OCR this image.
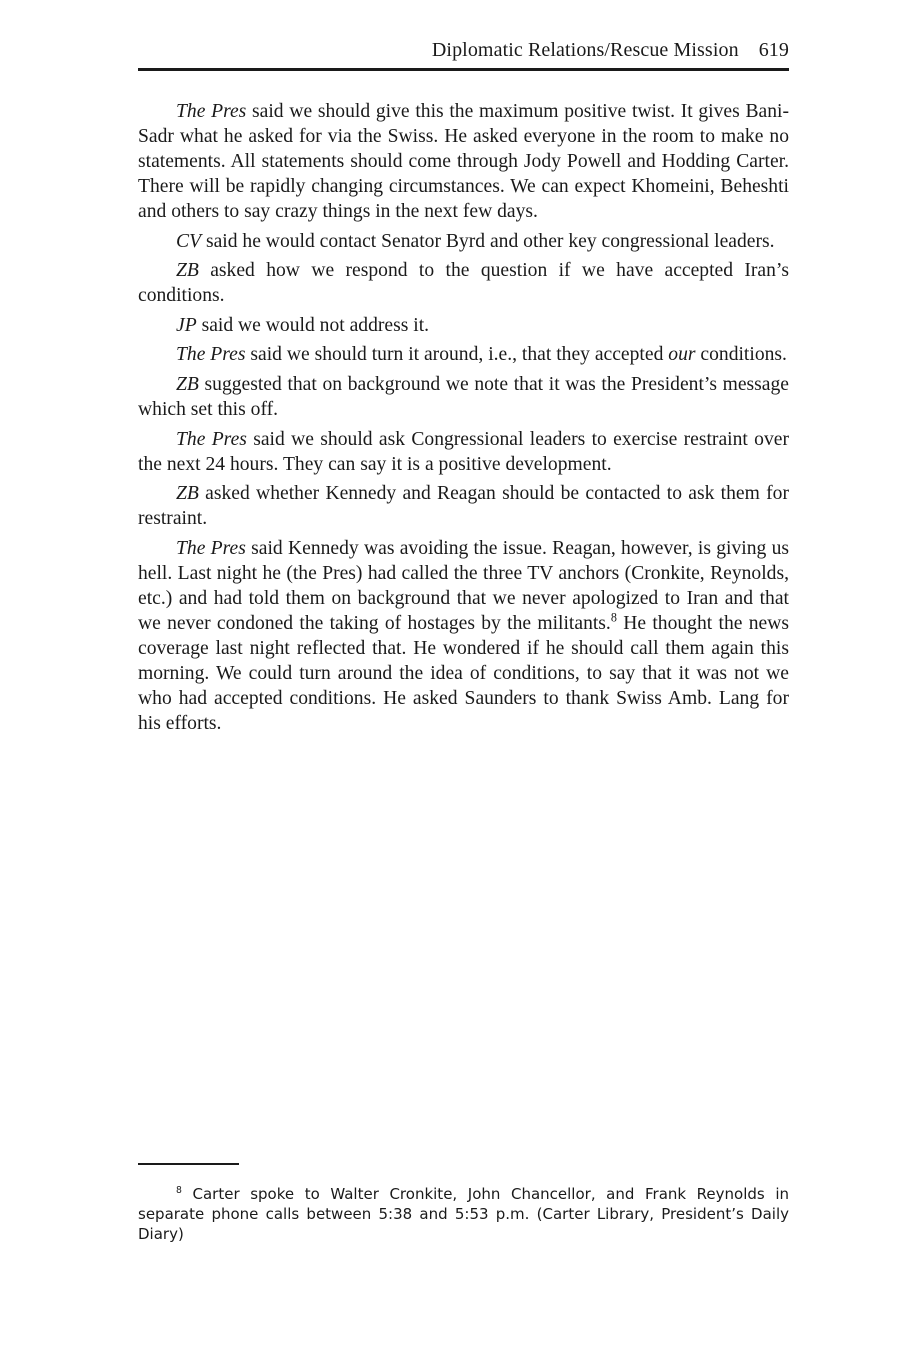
Diplomatic Relations/Rescue Mission 619

The Pres said we should give this the maximum positive twist. It gives Bani-Sadr what he asked for via the Swiss. He asked everyone in the room to make no statements. All statements should come through Jody Powell and Hodding Carter. There will be rapidly changing circumstances. We can expect Khomeini, Beheshti and others to say crazy things in the next few days.

CV said he would contact Senator Byrd and other key congressional leaders.

ZB asked how we respond to the question if we have accepted Iran’s conditions.

JP said we would not address it.

The Pres said we should turn it around, i.e., that they accepted our conditions.

ZB suggested that on background we note that it was the President’s message which set this off.

The Pres said we should ask Congressional leaders to exercise restraint over the next 24 hours. They can say it is a positive development.

ZB asked whether Kennedy and Reagan should be contacted to ask them for restraint.

The Pres said Kennedy was avoiding the issue. Reagan, however, is giving us hell. Last night he (the Pres) had called the three TV anchors (Cronkite, Reynolds, etc.) and had told them on background that we never apologized to Iran and that we never condoned the taking of hostages by the militants.$^8$ He thought the news coverage last night reflected that. He wondered if he should call them again this morning. We could turn around the idea of conditions, to say that it was not we who had accepted conditions. He asked Saunders to thank Swiss Amb. Lang for his efforts.

$^8$ Carter spoke to Walter Cronkite, John Chancellor, and Frank Reynolds in separate phone calls between 5:38 and 5:53 p.m. (Carter Library, President’s Daily Diary)
